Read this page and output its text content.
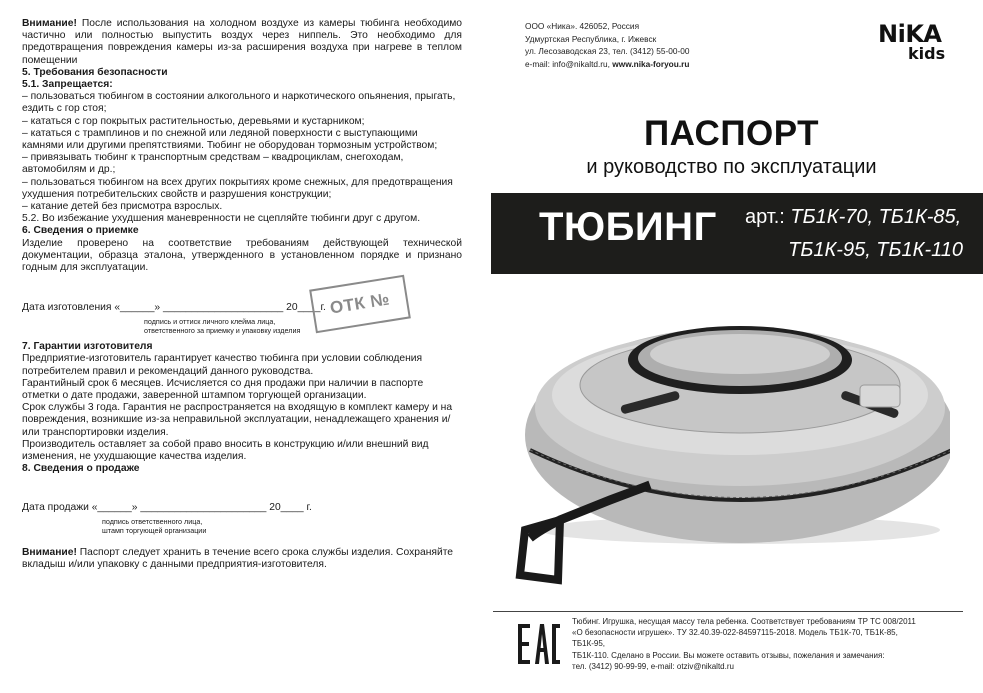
Внимание! После использования на холодном воздухе из камеры тюбинга необходимо частично или полностью выпустить воздух через ниппель. Это необходимо для предотвращения повреждения камеры из-за расширения воздуха при нагреве в теплом помещении

5. Требования безопасности

5.1. Запрещается:

– пользоваться тюбингом в состоянии алкогольного и наркотического опьянения, прыгать, ездить с гор стоя;

– кататься с гор покрытых растительностью, деревьями и кустарником;

– кататься с трамплинов и по снежной или ледяной поверхности с выступающими камнями или другими препятствиями. Тюбинг не оборудован тормозным устройством;

– привязывать тюбинг к транспортным средствам – квадроциклам, снегоходам, автомобилям и др.;

– пользоваться тюбингом на всех других покрытиях кроме снежных, для предотвращения ухудшения потребительских свойств и разрушения конструкции;

– катание детей без присмотра взрослых.

5.2. Во избежание ухудшения маневренности не сцепляйте тюбинги друг с другом.

6. Сведения о приемке

Изделие проверено на соответствие требованиям действующей технической документации, образца эталона, утвержденного в установленном порядке и признано годным для эксплуатации.

Дата изготовления «______» _____________________ 20____г. ОТК №
подпись и оттиск личного клейма лица,
ответственного за приемку и упаковку изделия

7. Гарантии изготовителя

Предприятие-изготовитель гарантирует качество тюбинга при условии соблюдения потребителем правил и рекомендаций данного руководства.

Гарантийный срок 6 месяцев. Исчисляется со дня продажи при наличии в паспорте отметки о дате продажи, заверенной штампом торгующей организации.

Срок службы 3 года. Гарантия не распространяется на входящую в комплект камеру и на повреждения, возникшие из-за неправильной эксплуатации, ненадлежащего хранения и/или транспортировки изделия.

Производитель оставляет за собой право вносить в конструкцию и/или внешний вид изменения, не ухудшающие качества изделия.

8. Сведения о продаже

Дата продажи «______» ______________________ 20____ г.
подпись ответственного лица,
штамп торгующей организации

Внимание! Паспорт следует хранить в течение всего срока службы изделия. Сохраняйте вкладыш и/или упаковку с данными предприятия-изготовителя.

ООО «Ника». 426052, Россия
Удмуртская Республика, г. Ижевск
ул. Лесозаводская 23, тел. (3412) 55-00-00
e-mail: info@nikaltd.ru, www.nika-foryou.ru
NiKA
kids
ПАСПОРТ
и руководство по эксплуатации
ТЮБИНГ арт.: ТБ1К-70, ТБ1К-85,
ТБ1К-95, ТБ1К-110
Тюбинг. Игрушка, несущая массу тела ребенка. Соответствует требованиям ТР ТС 008/2011
«О безопасности игрушек». ТУ 32.40.39-022-84597115-2018. Модель ТБ1К-70, ТБ1К-85, ТБ1К-95,
ТБ1К-110. Сделано в России. Вы можете оставить отзывы, пожелания и замечания:
тел. (3412) 90-99-99, e-mail: otziv@nikaltd.ru
